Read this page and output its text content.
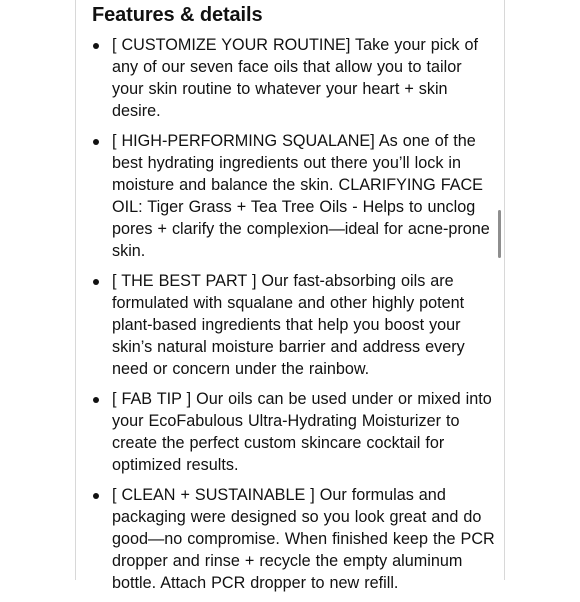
Features & details
[ CUSTOMIZE YOUR ROUTINE] Take your pick of any of our seven face oils that allow you to tailor your skin routine to whatever your heart + skin desire.
[ HIGH-PERFORMING SQUALANE] As one of the best hydrating ingredients out there you’ll lock in moisture and balance the skin. CLARIFYING FACE OIL: Tiger Grass + Tea Tree Oils - Helps to unclog pores + clarify the complexion—ideal for acne-prone skin.
[ THE BEST PART ] Our fast-absorbing oils are formulated with squalane and other highly potent plant-based ingredients that help you boost your skin’s natural moisture barrier and address every need or concern under the rainbow.
[ FAB TIP ] Our oils can be used under or mixed into your EcoFabulous Ultra-Hydrating Moisturizer to create the perfect custom skincare cocktail for optimized results.
[ CLEAN + SUSTAINABLE ] Our formulas and packaging were designed so you look great and do good—no compromise. When finished keep the PCR dropper and rinse + recycle the empty aluminum bottle. Attach PCR dropper to new refill.
